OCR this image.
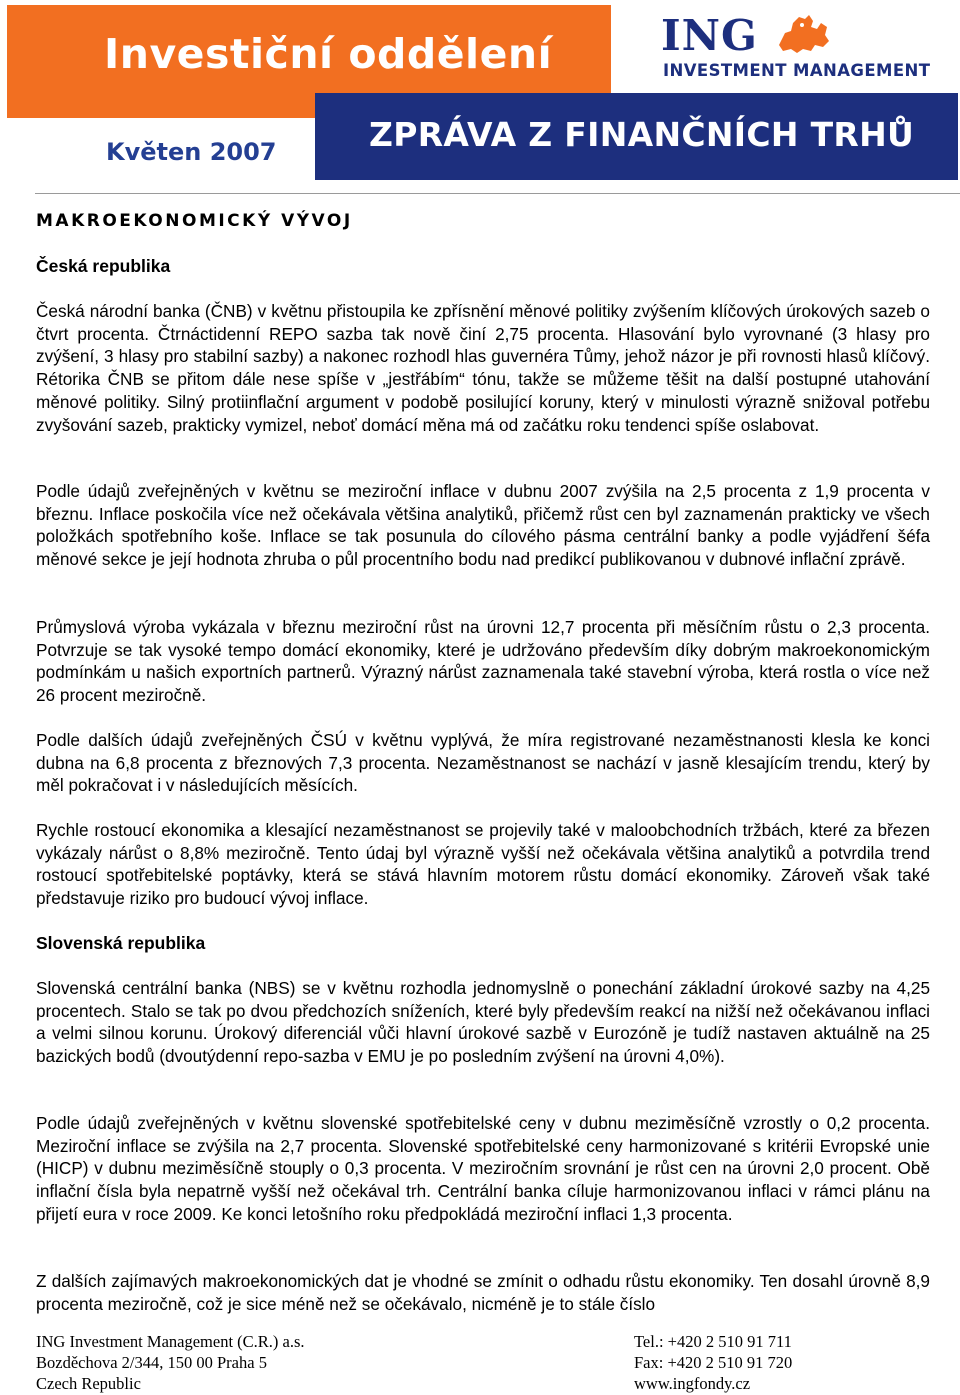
Investiční oddělení
Květen 2007	ZPRÁVA Z FINANČNÍCH TRHŮ
ING
INVESTMENT MANAGEMENT
MAKROEKONOMICKÝ VÝVOJ
Česká republika

Česká národní banka (ČNB) v květnu přistoupila ke zpřísnění měnové politiky zvýšením klíčových úrokových sazeb o čtvrt procenta. Čtrnáctidenní REPO sazba tak nově činí 2,75 procenta. Hlasování bylo vyrovnané (3 hlasy pro zvýšení, 3 hlasy pro stabilní sazby) a nakonec rozhodl hlas guvernéra Tůmy, jehož názor je při rovnosti hlasů klíčový. Rétorika ČNB se přitom dále nese spíše v „jestřábím“ tónu, takže se můžeme těšit na další postupné utahování měnové politiky. Silný protiinflační argument v podobě posilující koruny, který v minulosti výrazně snižoval potřebu zvyšování sazeb, prakticky vymizel, neboť domácí měna má od začátku roku tendenci spíše oslabovat.

Podle údajů zveřejněných v květnu se meziroční inflace v dubnu 2007 zvýšila na 2,5 procenta z 1,9 procenta v březnu. Inflace poskočila více než očekávala většina analytiků, přičemž růst cen byl zaznamenán prakticky ve všech položkách spotřebního koše. Inflace se tak posunula do cílového pásma centrální banky a podle vyjádření šéfa měnové sekce je její hodnota zhruba o půl procentního bodu nad predikcí publikovanou v dubnové inflační zprávě.

Průmyslová výroba vykázala v březnu meziroční růst na úrovni 12,7 procenta při měsíčním růstu o 2,3 procenta. Potvrzuje se tak vysoké tempo domácí ekonomiky, které je udržováno především díky dobrým makroekonomickým podmínkám u našich exportních partnerů. Výrazný nárůst zaznamenala také stavební výroba, která rostla o více než 26 procent meziročně.

Podle dalších údajů zveřejněných ČSÚ v květnu vyplývá, že míra registrované nezaměstnanosti klesla ke konci dubna na 6,8 procenta z březnových 7,3 procenta. Nezaměstnanost se nachází v jasně klesajícím trendu, který by měl pokračovat i v následujících měsících.

Rychle rostoucí ekonomika a klesající nezaměstnanost se projevily také v maloobchodních tržbách, které za březen vykázaly nárůst o 8,8% meziročně. Tento údaj byl výrazně vyšší než očekávala většina analytiků a potvrdila trend rostoucí spotřebitelské poptávky, která se stává hlavním motorem růstu domácí ekonomiky. Zároveň však také představuje riziko pro budoucí vývoj inflace.

Slovenská republika

Slovenská centrální banka (NBS) se v květnu rozhodla jednomyslně o ponechání základní úrokové sazby na 4,25 procentech. Stalo se tak po dvou předchozích sníženích, které byly především reakcí na nižší než očekávanou inflaci a velmi silnou korunu. Úrokový diferenciál vůči hlavní úrokové sazbě v Eurozóně je tudíž nastaven aktuálně na 25 bazických bodů (dvoutýdenní repo-sazba v EMU je po posledním zvýšení na úrovni 4,0%).

Podle údajů zveřejněných v květnu slovenské spotřebitelské ceny v dubnu meziměsíčně vzrostly o 0,2 procenta. Meziroční inflace se zvýšila na 2,7 procenta. Slovenské spotřebitelské ceny harmonizované s kritérii Evropské unie (HICP) v dubnu meziměsíčně stouply o 0,3 procenta. V meziročním srovnání je růst cen na úrovni 2,0 procent. Obě inflační čísla byla nepatrně vyšší než očekával trh. Centrální banka cíluje harmonizovanou inflaci v rámci plánu na přijetí eura v roce 2009. Ke konci letošního roku předpokládá meziroční inflaci 1,3 procenta.

Z dalších zajímavých makroekonomických dat je vhodné se zmínit o odhadu růstu ekonomiky. Ten dosahl úrovně 8,9 procenta meziročně, což je sice méně než se očekávalo, nicméně je to stále číslo

ING Investment Management (C.R.) a.s.
Bozděchova 2/344, 150 00 Praha 5
Czech Republic
Tel.: +420 2 510 91 711
Fax: +420 2 510 91 720
www.ingfondy.cz
